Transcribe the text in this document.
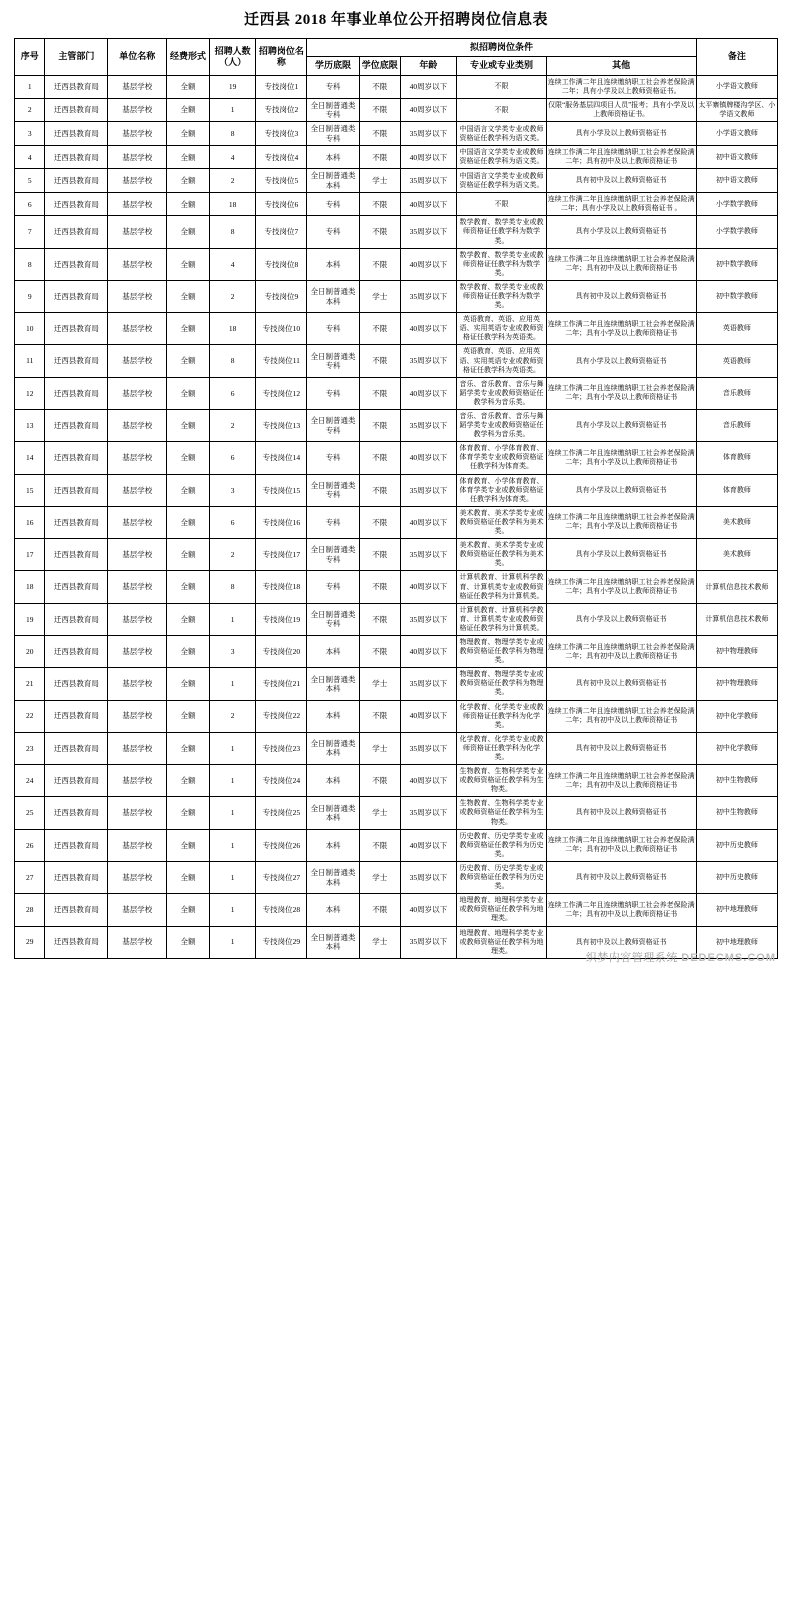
迁西县 2018 年事业单位公开招聘岗位信息表
序号	主管部门	单位名称	经费形式	招聘人数（人）	招聘岗位名称	拟招聘岗位条件					备注
						学历底限	学位底限	年龄	专业或专业类别	其他	
1	迁西县教育局	基层学校	全额	19	专技岗位1	专科	不限	40周岁以下	不限	连续工作满二年且连续缴纳职工社会养老保险满二年；具有小学及以上教师资格证书。	小学语文教师
2	迁西县教育局	基层学校	全额	1	专技岗位2	全日制普通类专科	不限	40周岁以下	不限	仅限“服务基层四项目人员”报考；具有小学及以上教师资格证书。	太平寨镇牌楼沟学区、小学语文教师
3	迁西县教育局	基层学校	全额	8	专技岗位3	全日制普通类专科	不限	35周岁以下	中国语言文学类专业或教师资格证任教学科为语文类。	具有小学及以上教师资格证书	小学语文教师
4	迁西县教育局	基层学校	全额	4	专技岗位4	本科	不限	40周岁以下	中国语言文学类专业或教师资格证任教学科为语文类。	连续工作满二年且连续缴纳职工社会养老保险满二年；具有初中及以上教师资格证书	初中语文教师
5	迁西县教育局	基层学校	全额	2	专技岗位5	全日制普通类本科	学士	35周岁以下	中国语言文学类专业或教师资格证任教学科为语文类。	具有初中及以上教师资格证书	初中语文教师
6	迁西县教育局	基层学校	全额	18	专技岗位6	专科	不限	40周岁以下	不限	连续工作满二年且连续缴纳职工社会养老保险满二年；具有小学及以上教师资格证书 。	小学数学教师
7	迁西县教育局	基层学校	全额	8	专技岗位7	专科	不限	35周岁以下	数学教育、数学类专业或教师资格证任教学科为数学类。	具有小学及以上教师资格证书	小学数学教师
8	迁西县教育局	基层学校	全额	4	专技岗位8	本科	不限	40周岁以下	数学教育、数学类专业或教师资格证任教学科为数学类。	连续工作满二年且连续缴纳职工社会养老保险满二年；具有初中及以上教师资格证书	初中数学教师
9	迁西县教育局	基层学校	全额	2	专技岗位9	全日制普通类本科	学士	35周岁以下	数学教育、数学类专业或教师资格证任教学科为数学类。	具有初中及以上教师资格证书	初中数学教师
10	迁西县教育局	基层学校	全额	18	专技岗位10	专科	不限	40周岁以下	英语教育、英语、应用英语、实用英语专业或教师资格证任教学科为英语类。	连续工作满二年且连续缴纳职工社会养老保险满二年；具有小学及以上教师资格证书	英语教师
11	迁西县教育局	基层学校	全额	8	专技岗位11	全日制普通类专科	不限	35周岁以下	英语教育、英语、应用英语、实用英语专业或教师资格证任教学科为英语类。	具有小学及以上教师资格证书	英语教师
12	迁西县教育局	基层学校	全额	6	专技岗位12	专科	不限	40周岁以下	音乐、音乐教育、音乐与舞蹈学类专业或教师资格证任教学科为音乐类。	连续工作满二年且连续缴纳职工社会养老保险满二年；具有小学及以上教师资格证书	音乐教师
13	迁西县教育局	基层学校	全额	2	专技岗位13	全日制普通类专科	不限	35周岁以下	音乐、音乐教育、音乐与舞蹈学类专业或教师资格证任教学科为音乐类。	具有小学及以上教师资格证书	音乐教师
14	迁西县教育局	基层学校	全额	6	专技岗位14	专科	不限	40周岁以下	体育教育、小学体育教育、体育学类专业或教师资格证任教学科为体育类。	连续工作满二年且连续缴纳职工社会养老保险满二年；具有小学及以上教师资格证书	体育教师
15	迁西县教育局	基层学校	全额	3	专技岗位15	全日制普通类专科	不限	35周岁以下	体育教育、小学体育教育、体育学类专业或教师资格证任教学科为体育类。	具有小学及以上教师资格证书	体育教师
16	迁西县教育局	基层学校	全额	6	专技岗位16	专科	不限	40周岁以下	美术教育、美术学类专业或教师资格证任教学科为美术类。	连续工作满二年且连续缴纳职工社会养老保险满二年；具有小学及以上教师资格证书	美术教师
17	迁西县教育局	基层学校	全额	2	专技岗位17	全日制普通类专科	不限	35周岁以下	美术教育、美术学类专业或教师资格证任教学科为美术类。	具有小学及以上教师资格证书	美术教师
18	迁西县教育局	基层学校	全额	8	专技岗位18	专科	不限	40周岁以下	计算机教育、计算机科学教育、计算机类专业或教师资格证任教学科为计算机类。	连续工作满二年且连续缴纳职工社会养老保险满二年；具有小学及以上教师资格证书	计算机信息技术教师
19	迁西县教育局	基层学校	全额	1	专技岗位19	全日制普通类专科	不限	35周岁以下	计算机教育、计算机科学教育、计算机类专业或教师资格证任教学科为计算机类。	具有小学及以上教师资格证书	计算机信息技术教师
20	迁西县教育局	基层学校	全额	3	专技岗位20	本科	不限	40周岁以下	物理教育、物理学类专业或教师资格证任教学科为物理类。	连续工作满二年且连续缴纳职工社会养老保险满二年；具有初中及以上教师资格证书	初中物理教师
21	迁西县教育局	基层学校	全额	1	专技岗位21	全日制普通类本科	学士	35周岁以下	物理教育、物理学类专业或教师资格证任教学科为物理类。	具有初中及以上教师资格证书	初中物理教师
22	迁西县教育局	基层学校	全额	2	专技岗位22	本科	不限	40周岁以下	化学教育、化学类专业或教师资格证任教学科为化学类。	连续工作满二年且连续缴纳职工社会养老保险满二年；具有初中及以上教师资格证书	初中化学教师
23	迁西县教育局	基层学校	全额	1	专技岗位23	全日制普通类本科	学士	35周岁以下	化学教育、化学类专业或教师资格证任教学科为化学类。	具有初中及以上教师资格证书	初中化学教师
24	迁西县教育局	基层学校	全额	1	专技岗位24	本科	不限	40周岁以下	生物教育、生物科学类专业或教师资格证任教学科为生物类。	连续工作满二年且连续缴纳职工社会养老保险满二年；具有初中及以上教师资格证书	初中生物教师
25	迁西县教育局	基层学校	全额	1	专技岗位25	全日制普通类本科	学士	35周岁以下	生物教育、生物科学类专业或教师资格证任教学科为生物类。	具有初中及以上教师资格证书	初中生物教师
26	迁西县教育局	基层学校	全额	1	专技岗位26	本科	不限	40周岁以下	历史教育、历史学类专业或教师资格证任教学科为历史类。	连续工作满二年且连续缴纳职工社会养老保险满二年；具有初中及以上教师资格证书	初中历史教师
27	迁西县教育局	基层学校	全额	1	专技岗位27	全日制普通类本科	学士	35周岁以下	历史教育、历史学类专业或教师资格证任教学科为历史类。	具有初中及以上教师资格证书	初中历史教师
28	迁西县教育局	基层学校	全额	1	专技岗位28	本科	不限	40周岁以下	地理教育、地理科学类专业或教师资格证任教学科为地理类。	连续工作满二年且连续缴纳职工社会养老保险满二年；具有初中及以上教师资格证书	初中地理教师
29	迁西县教育局	基层学校	全额	1	专技岗位29	全日制普通类本科	学士	35周岁以下	地理教育、地理科学类专业或教师资格证任教学科为地理类。	具有初中及以上教师资格证书	初中地理教师
织梦内容管理系统 DEDECMS.COM
